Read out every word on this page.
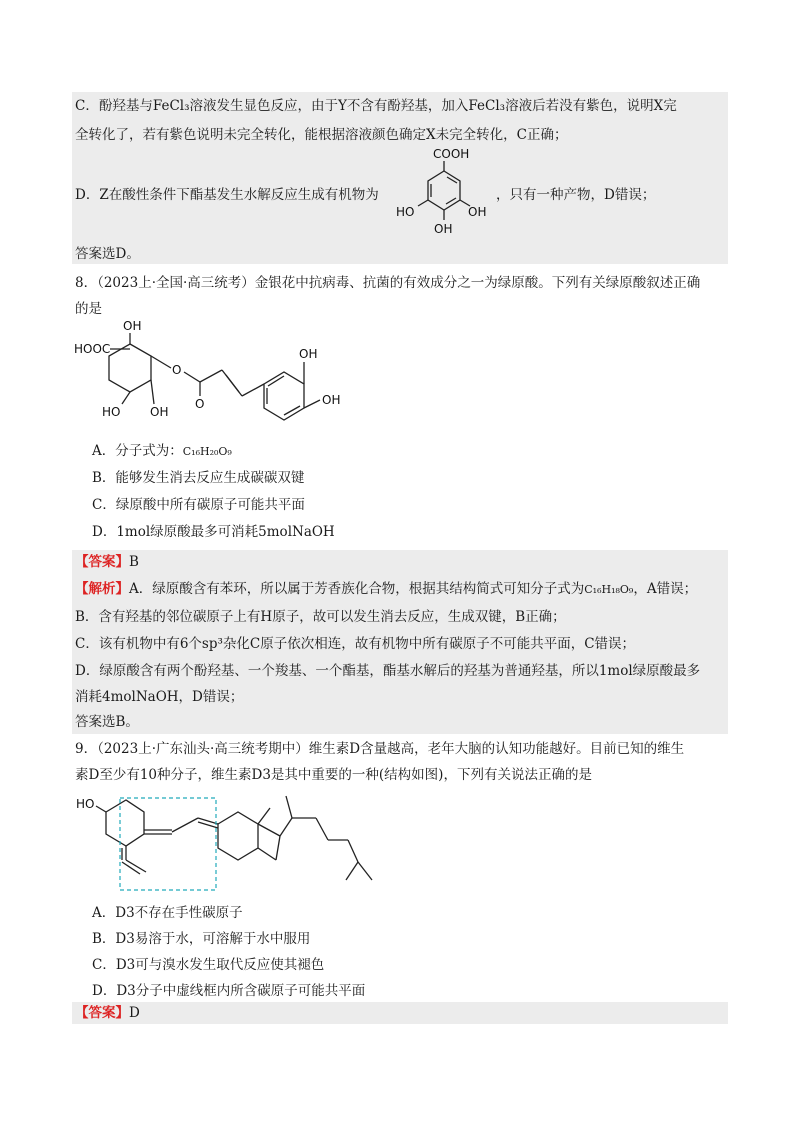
C．酚羟基与FeCl₃溶液发生显色反应，由于Y不含有酚羟基，加入FeCl₃溶液后若没有紫色，说明X完
全转化了，若有紫色说明未完全转化，能根据溶液颜色确定X未完全转化，C正确；
D．Z在酸性条件下酯基发生水解反应生成有机物为	，只有一种产物，D错误；
COOH
HO	OH
OH
答案选D。
8．（2023上·全国·高三统考）金银花中抗病毒、抗菌的有效成分之一为绿原酸。下列有关绿原酸叙述正确
的是
OH
HOOC
O
O
OH
OH
HO OH
A．分子式为：C₁₆H₂₀O₉
B．能够发生消去反应生成碳碳双键
C．绿原酸中所有碳原子可能共平面
D．1mol绿原酸最多可消耗5molNaOH
【答案】B
【解析】A．绿原酸含有苯环，所以属于芳香族化合物，根据其结构简式可知分子式为C₁₆H₁₈O₉，A错误；
B．含有羟基的邻位碳原子上有H原子，故可以发生消去反应，生成双键，B正确；
C．该有机物中有6个sp³杂化C原子依次相连，故有机物中所有碳原子不可能共平面，C错误；
D．绿原酸含有两个酚羟基、一个羧基、一个酯基，酯基水解后的羟基为普通羟基，所以1mol绿原酸最多
消耗4molNaOH，D错误；
答案选B。
9．（2023上·广东汕头·高三统考期中）维生素D含量越高，老年大脑的认知功能越好。目前已知的维生
素D至少有10种分子，维生素D3是其中重要的一种(结构如图)，下列有关说法正确的是
HO
A．D3不存在手性碳原子
B．D3易溶于水，可溶解于水中服用
C．D3可与溴水发生取代反应使其褪色
D．D3分子中虚线框内所含碳原子可能共平面
【答案】D
